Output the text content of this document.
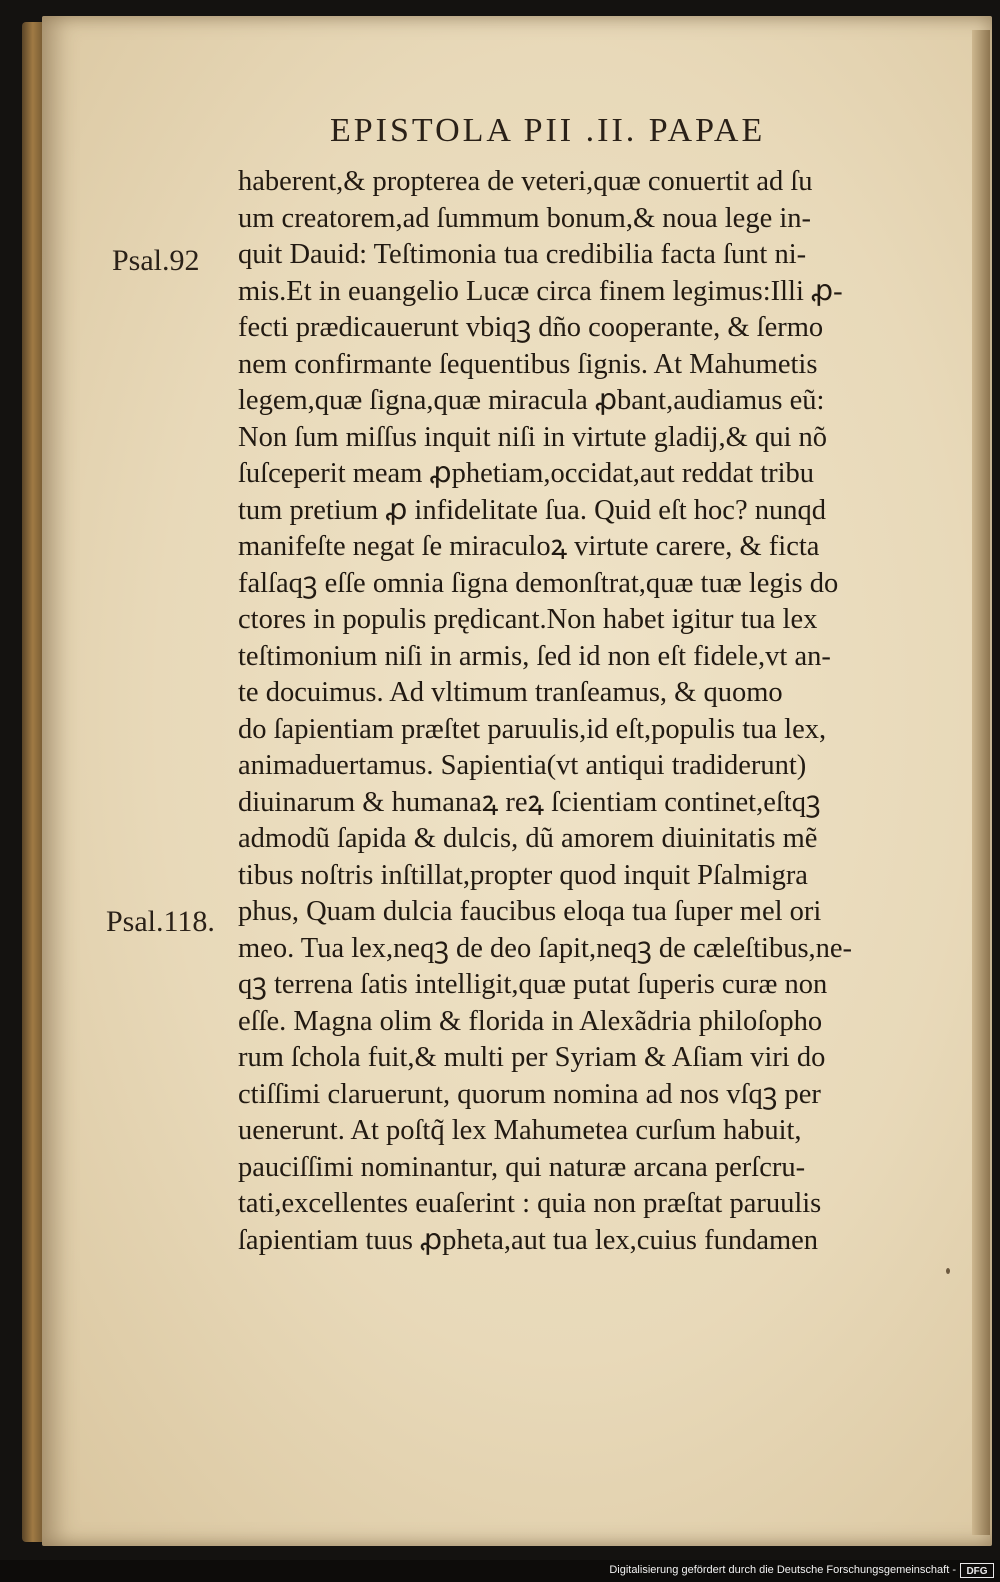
EPISTOLA PII .II. PAPAE
Psal.92
Psal.118.
haberent,& propterea de veteri,quæ conuertit ad ſu
um creatorem,ad ſummum bonum,& noua lege in-
quit Dauid: Teſtimonia tua credibilia facta ſunt ni-
mis.Et in euangelio Lucæ circa finem legimus:Illi ꝓ-
fecti prædicauerunt vbiqꝫ dño cooperante, & ſermo
nem confirmante ſequentibus ſignis. At Mahumetis
legem,quæ ſigna,quæ miracula ꝓbant,audiamus eũ:
Non ſum miſſus inquit niſi in virtute gladij,& qui nõ
ſuſceperit meam ꝓphetiam,occidat,aut reddat tribu
tum pretium ꝓ infidelitate ſua. Quid eſt hoc? nunqd
manifeſte negat ſe miraculoꝝ virtute carere, & ficta
falſaqꝫ eſſe omnia ſigna demonſtrat,quæ tuæ legis do
ctores in populis prędicant.Non habet igitur tua lex
teſtimonium niſi in armis, ſed id non eſt fidele,vt an-
te docuimus. Ad vltimum tranſeamus, & quomo
do ſapientiam præſtet paruulis,id eſt,populis tua lex,
animaduertamus. Sapientia(vt antiqui tradiderunt)
diuinarum & humanaꝝ reꝝ ſcientiam continet,eſtqꝫ
admodũ ſapida & dulcis, dũ amorem diuinitatis mẽ
tibus noſtris inſtillat,propter quod inquit Pſalmigra
phus, Quam dulcia faucibus eloqa tua ſuper mel ori
meo. Tua lex,neqꝫ de deo ſapit,neqꝫ de cæleſtibus,ne-
qꝫ terrena ſatis intelligit,quæ putat ſuperis curæ non
eſſe. Magna olim & florida in Alexãdria philoſopho
rum ſchola fuit,& multi per Syriam & Aſiam viri do
ctiſſimi claruerunt, quorum nomina ad nos vſqꝫ per
uenerunt. At poſtq̃ lex Mahumetea curſum habuit,
pauciſſimi nominantur, qui naturæ arcana perſcru-
tati,excellentes euaſerint : quia non præſtat paruulis
ſapientiam tuus ꝓpheta,aut tua lex,cuius fundamen
Digitalisierung gefördert durch die Deutsche Forschungsgemeinschaft -	DFG
